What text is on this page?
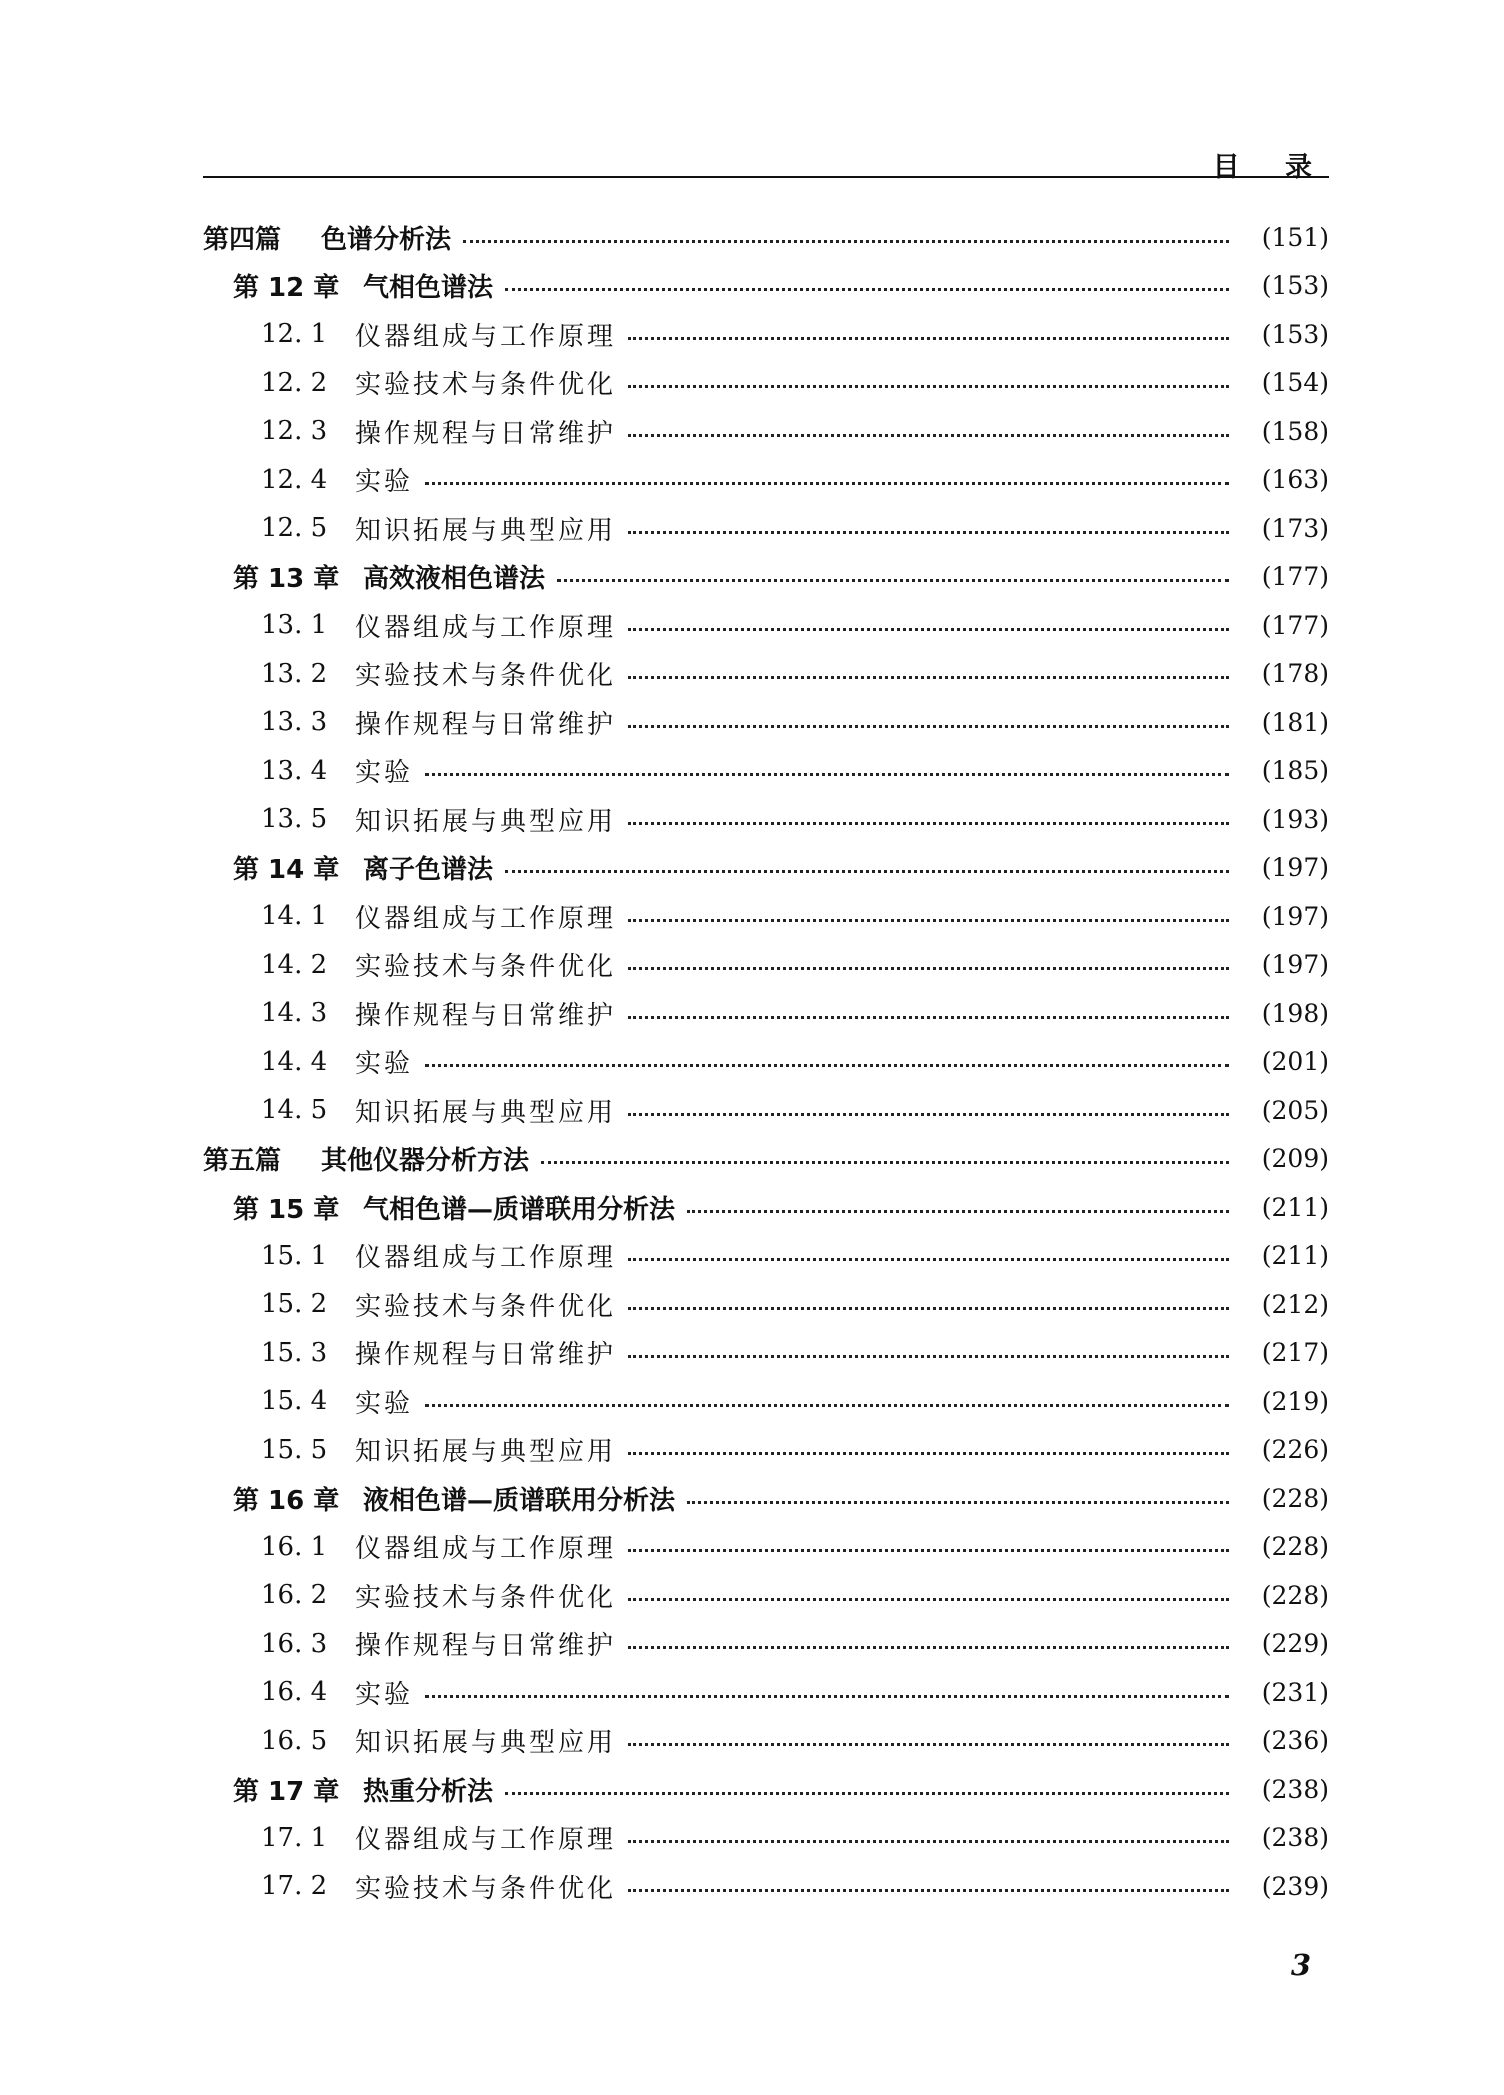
目 录
第四篇	色谱分析法	(151)
第 12 章 气相色谱法	(153)
12. 1	仪器组成与工作原理	(153)
12. 2	实验技术与条件优化	(154)
12. 3	操作规程与日常维护	(158)
12. 4	实验	(163)
12. 5	知识拓展与典型应用	(173)
第 13 章 高效液相色谱法	(177)
13. 1	仪器组成与工作原理	(177)
13. 2	实验技术与条件优化	(178)
13. 3	操作规程与日常维护	(181)
13. 4	实验	(185)
13. 5	知识拓展与典型应用	(193)
第 14 章 离子色谱法	(197)
14. 1	仪器组成与工作原理	(197)
14. 2	实验技术与条件优化	(197)
14. 3	操作规程与日常维护	(198)
14. 4	实验	(201)
14. 5	知识拓展与典型应用	(205)
第五篇	其他仪器分析方法	(209)
第 15 章 气相色谱—质谱联用分析法	(211)
15. 1	仪器组成与工作原理	(211)
15. 2	实验技术与条件优化	(212)
15. 3	操作规程与日常维护	(217)
15. 4	实验	(219)
15. 5	知识拓展与典型应用	(226)
第 16 章 液相色谱—质谱联用分析法	(228)
16. 1	仪器组成与工作原理	(228)
16. 2	实验技术与条件优化	(228)
16. 3	操作规程与日常维护	(229)
16. 4	实验	(231)
16. 5	知识拓展与典型应用	(236)
第 17 章 热重分析法	(238)
17. 1	仪器组成与工作原理	(238)
17. 2	实验技术与条件优化	(239)
3
